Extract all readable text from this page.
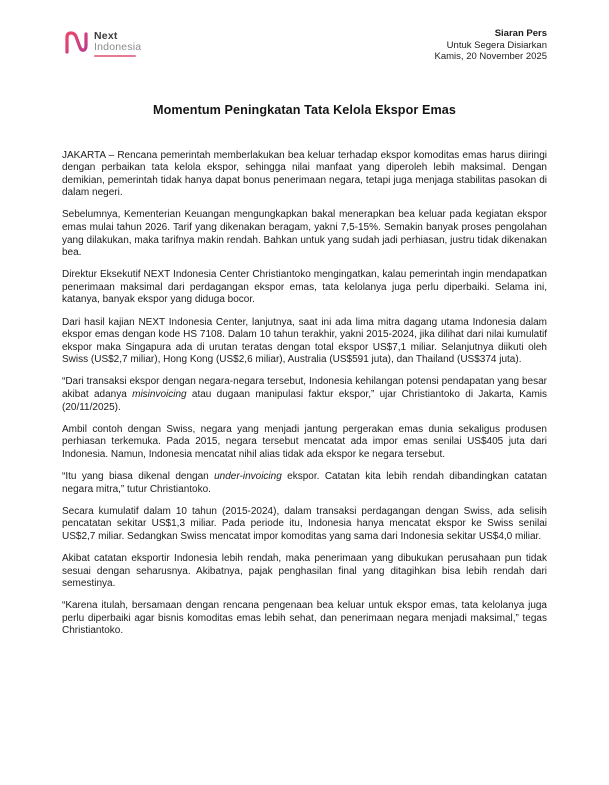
Next
Indonesia
Siaran Pers
Untuk Segera Disiarkan
Kamis, 20 November 2025
Momentum Peningkatan Tata Kelola Ekspor Emas

JAKARTA – Rencana pemerintah memberlakukan bea keluar terhadap ekspor komoditas emas harus diiringi dengan perbaikan tata kelola ekspor, sehingga nilai manfaat yang diperoleh lebih maksimal. Dengan demikian, pemerintah tidak hanya dapat bonus penerimaan negara, tetapi juga menjaga stabilitas pasokan di dalam negeri.

Sebelumnya, Kementerian Keuangan mengungkapkan bakal menerapkan bea keluar pada kegiatan ekspor emas mulai tahun 2026. Tarif yang dikenakan beragam, yakni 7,5-15%. Semakin banyak proses pengolahan yang dilakukan, maka tarifnya makin rendah. Bahkan untuk yang sudah jadi perhiasan, justru tidak dikenakan bea.

Direktur Eksekutif NEXT Indonesia Center Christiantoko mengingatkan, kalau pemerintah ingin mendapatkan penerimaan maksimal dari perdagangan ekspor emas, tata kelolanya juga perlu diperbaiki. Selama ini, katanya, banyak ekspor yang diduga bocor.

Dari hasil kajian NEXT Indonesia Center, lanjutnya, saat ini ada lima mitra dagang utama Indonesia dalam ekspor emas dengan kode HS 7108. Dalam 10 tahun terakhir, yakni 2015-2024, jika dilihat dari nilai kumulatif ekspor maka Singapura ada di urutan teratas dengan total ekspor US$7,1 miliar. Selanjutnya diikuti oleh Swiss (US$2,7 miliar), Hong Kong (US$2,6 miliar), Australia (US$591 juta), dan Thailand (US$374 juta).

“Dari transaksi ekspor dengan negara-negara tersebut, Indonesia kehilangan potensi pendapatan yang besar akibat adanya misinvoicing atau dugaan manipulasi faktur ekspor,” ujar Christiantoko di Jakarta, Kamis (20/11/2025).

Ambil contoh dengan Swiss, negara yang menjadi jantung pergerakan emas dunia sekaligus produsen perhiasan terkemuka. Pada 2015, negara tersebut mencatat ada impor emas senilai US$405 juta dari Indonesia. Namun, Indonesia mencatat nihil alias tidak ada ekspor ke negara tersebut.

“Itu yang biasa dikenal dengan under-invoicing ekspor. Catatan kita lebih rendah dibandingkan catatan negara mitra,” tutur Christiantoko.

Secara kumulatif dalam 10 tahun (2015-2024), dalam transaksi perdagangan dengan Swiss, ada selisih pencatatan sekitar US$1,3 miliar. Pada periode itu, Indonesia hanya mencatat ekspor ke Swiss senilai US$2,7 miliar. Sedangkan Swiss mencatat impor komoditas yang sama dari Indonesia sekitar US$4,0 miliar.

Akibat catatan eksportir Indonesia lebih rendah, maka penerimaan yang dibukukan perusahaan pun tidak sesuai dengan seharusnya. Akibatnya, pajak penghasilan final yang ditagihkan bisa lebih rendah dari semestinya.

“Karena itulah, bersamaan dengan rencana pengenaan bea keluar untuk ekspor emas, tata kelolanya juga perlu diperbaiki agar bisnis komoditas emas lebih sehat, dan penerimaan negara menjadi maksimal,” tegas Christiantoko.
